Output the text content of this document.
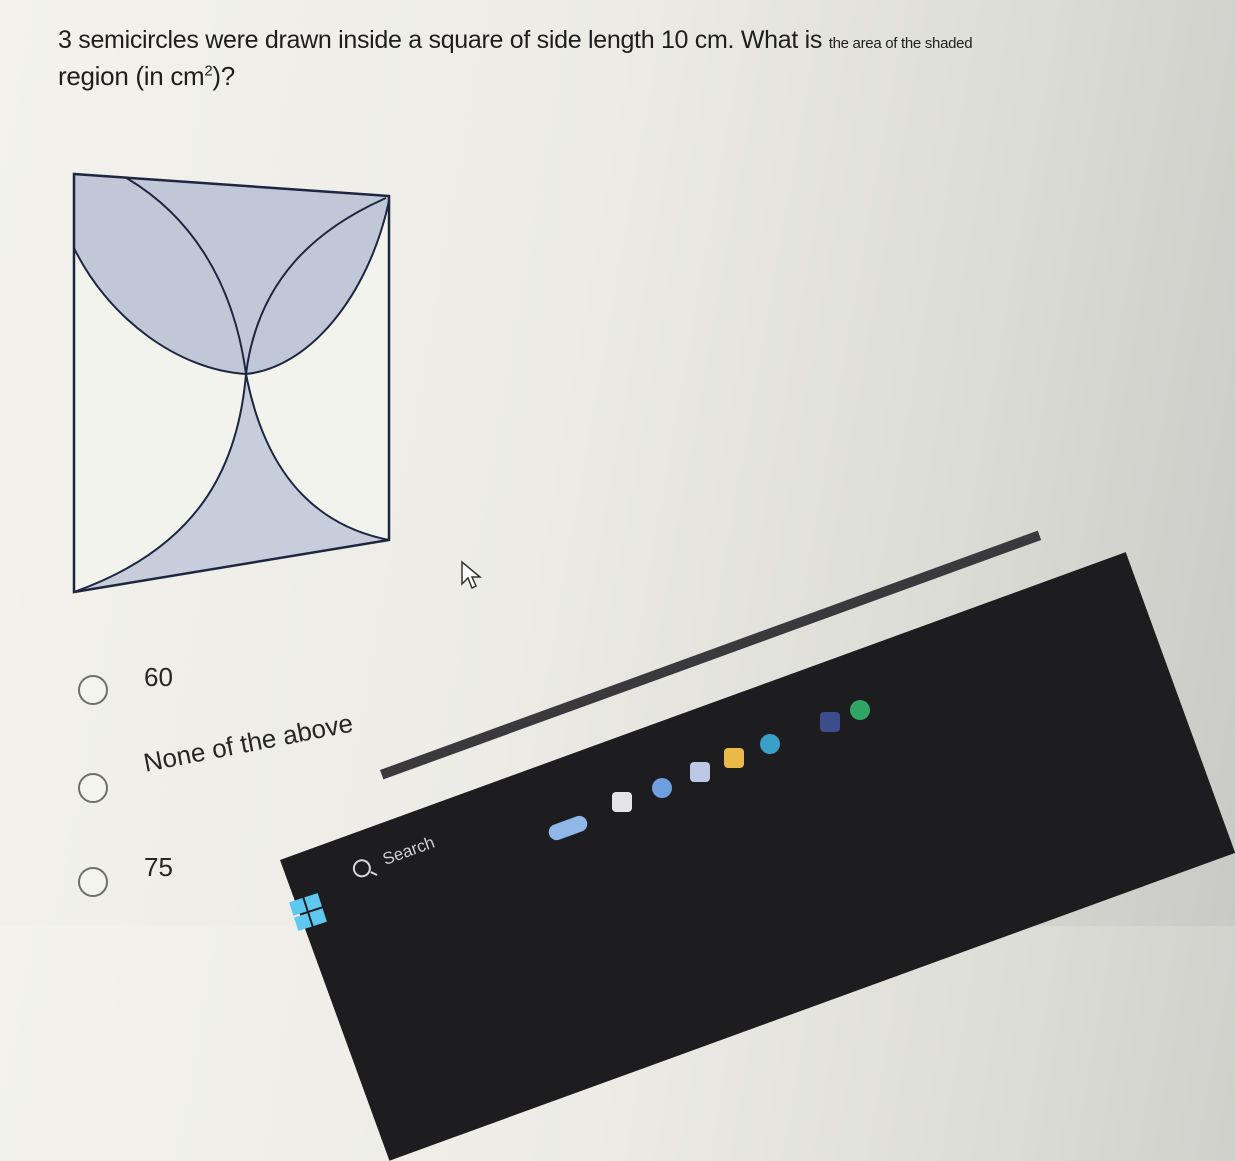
3 semicircles were drawn inside a square of side length 10 cm. What is the area of the shaded
region (in $cm^2$)?
60
None of the above
75	Search
